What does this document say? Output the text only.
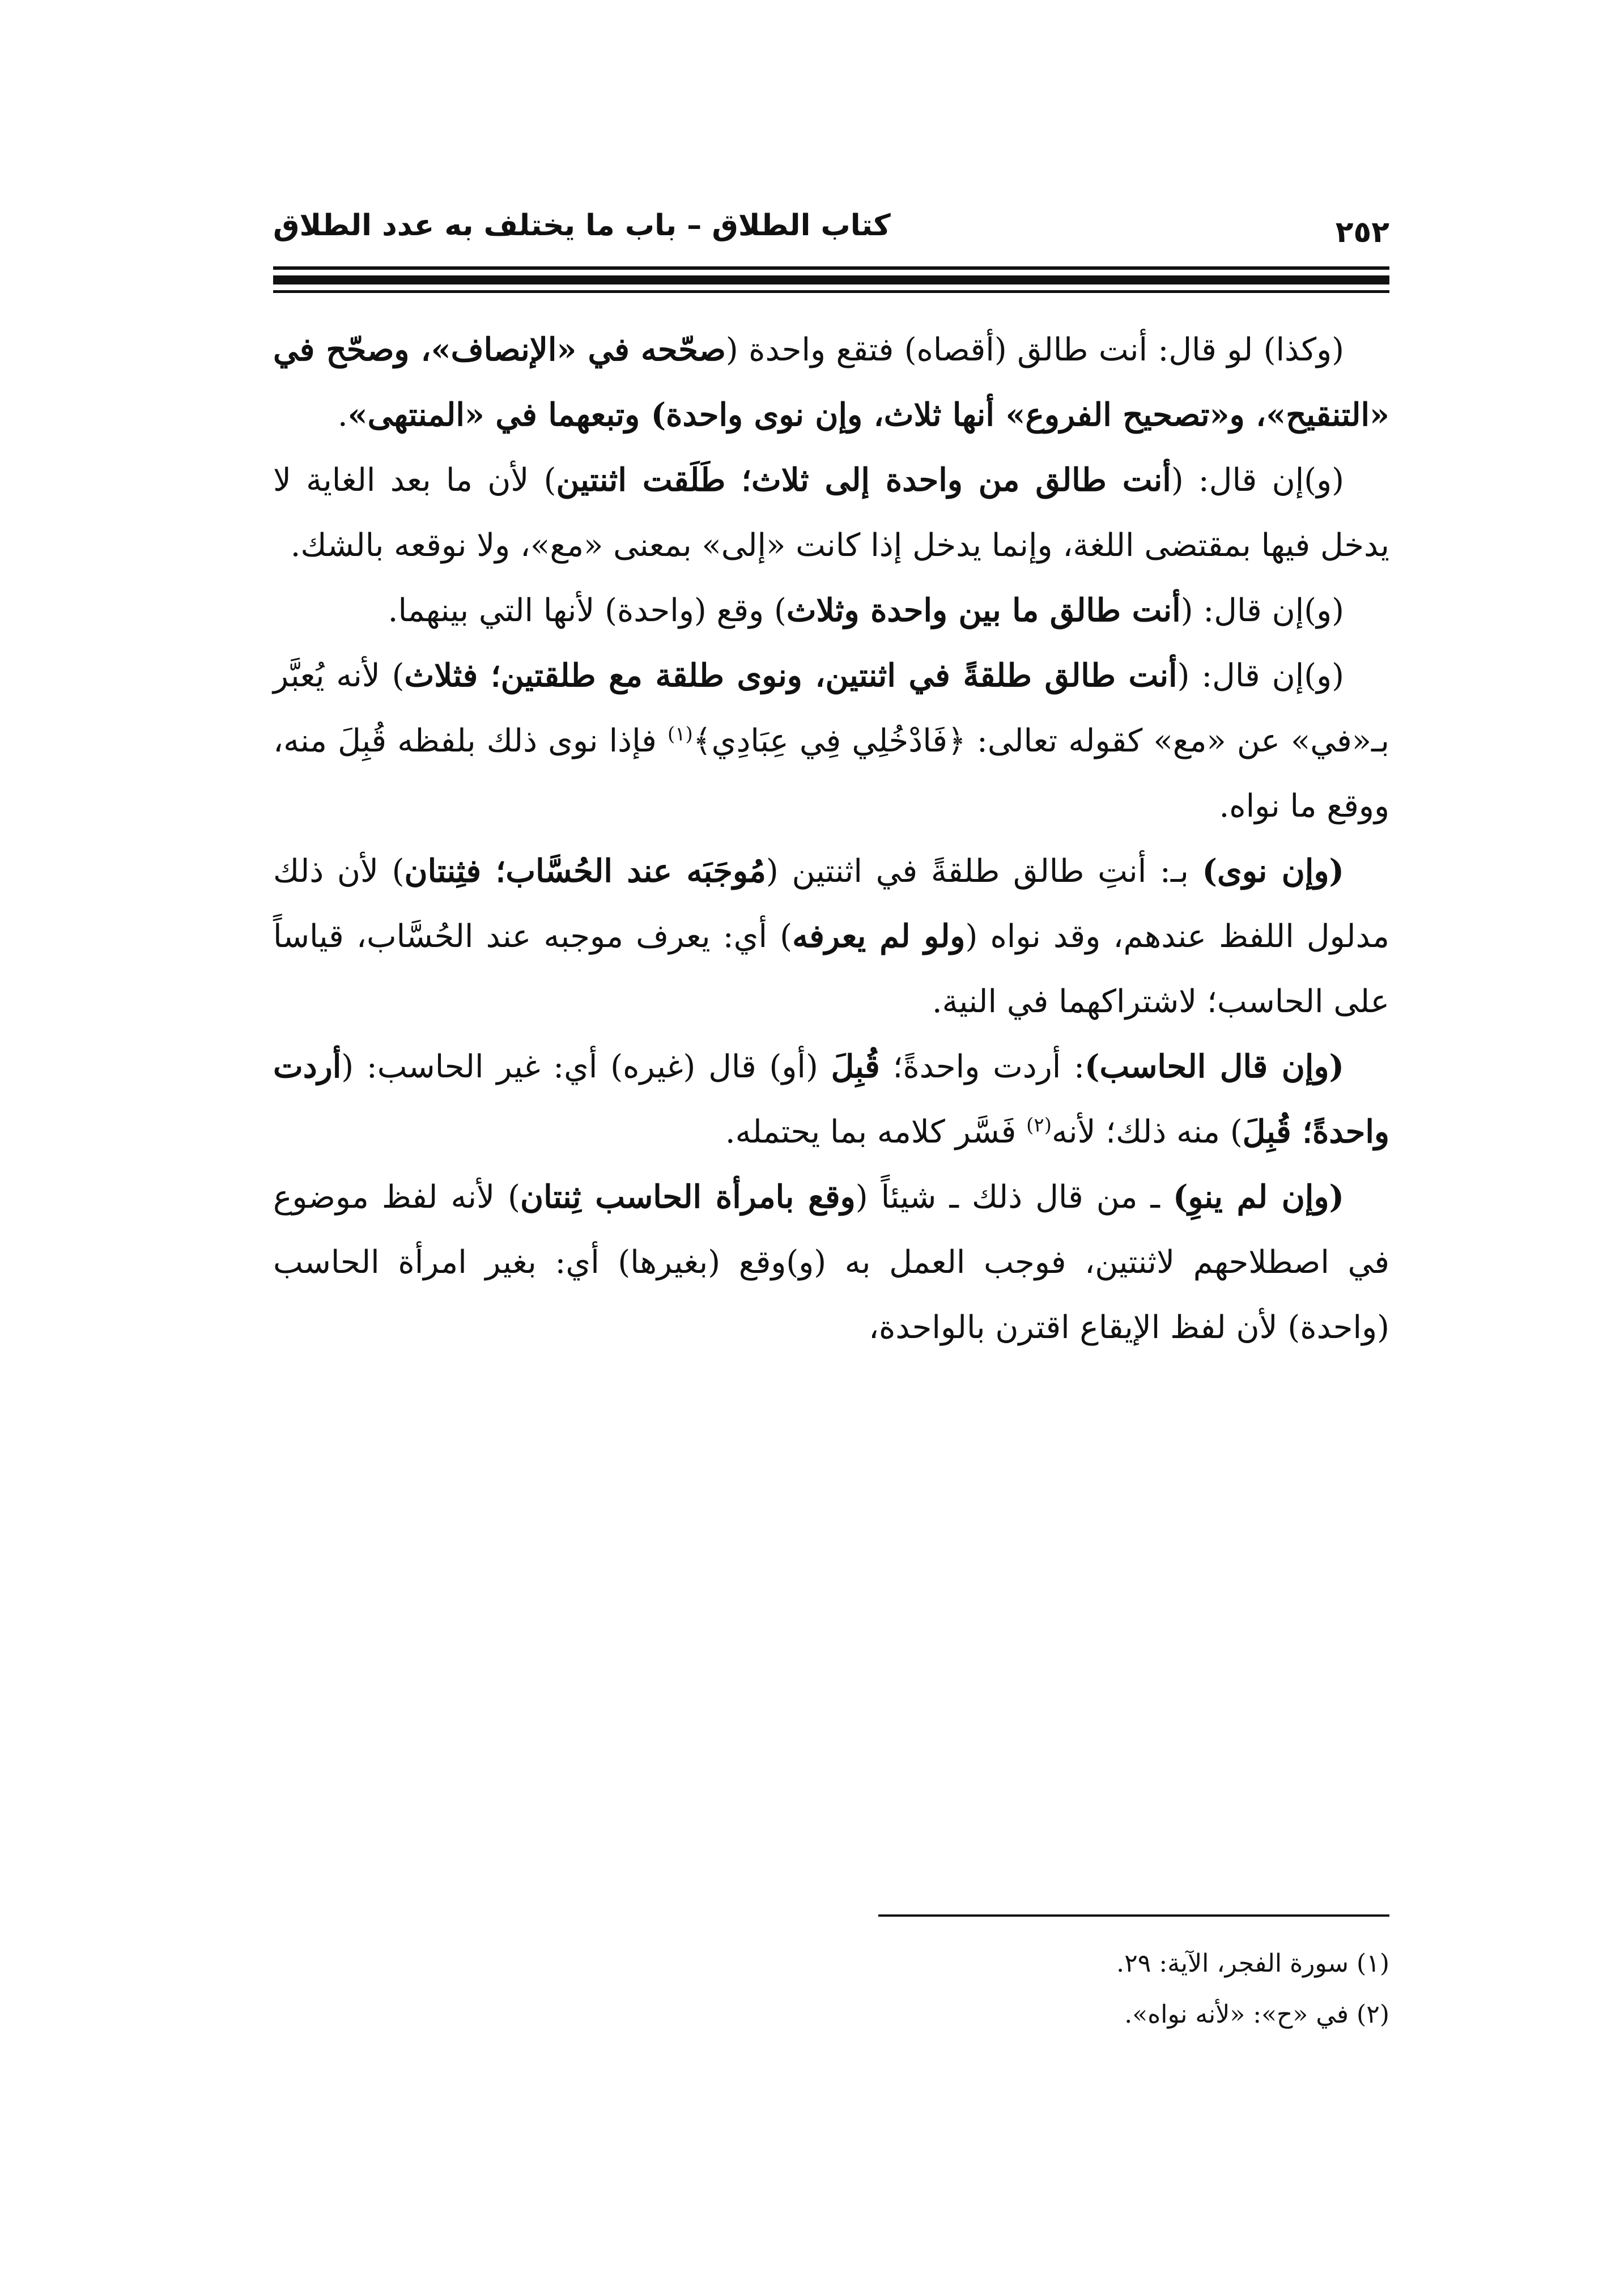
٢٥٢
كتاب الطلاق – باب ما يختلف به عدد الطلاق

(وكذا) لو قال: أنت طالق (أقصاه) فتقع واحدة (صحّحه في «الإنصاف»، وصحّح في «التنقيح»، و«تصحيح الفروع» أنها ثلاث، وإن نوى واحدة) وتبعهما في «المنتهى».

(و)إن قال: (أنت طالق من واحدة إلى ثلاث؛ طَلَقت اثنتين) لأن ما بعد الغاية لا يدخل فيها بمقتضى اللغة، وإنما يدخل إذا كانت «إلى» بمعنى «مع»، ولا نوقعه بالشك.

(و)إن قال: (أنت طالق ما بين واحدة وثلاث) وقع (واحدة) لأنها التي بينهما.

(و)إن قال: (أنت طالق طلقةً في اثنتين، ونوى طلقة مع طلقتين؛ فثلاث) لأنه يُعبَّر بـ«في» عن «مع» كقوله تعالى: ﴿فَادْخُلِي فِي عِبَادِي﴾$^{(١)}$ فإذا نوى ذلك بلفظه قُبِلَ منه، ووقع ما نواه.

(وإن نوى) بـ: أنتِ طالق طلقةً في اثنتين (مُوجَبَه عند الحُسَّاب؛ فثِنتان) لأن ذلك مدلول اللفظ عندهم، وقد نواه (ولو لم يعرفه) أي: يعرف موجبه عند الحُسَّاب، قياساً على الحاسب؛ لاشتراكهما في النية.

(وإن قال الحاسب): أردت واحدةً؛ قُبِلَ (أو) قال (غيره) أي: غير الحاسب: (أردت واحدةً؛ قُبِلَ) منه ذلك؛ لأنه$^{(٢)}$ فَسَّر كلامه بما يحتمله.

(وإن لم ينوِ) ـ من قال ذلك ـ شيئاً (وقع بامرأة الحاسب ثِنتان) لأنه لفظ موضوع في اصطلاحهم لاثنتين، فوجب العمل به (و)وقع (بغيرها) أي: بغير امرأة الحاسب (واحدة) لأن لفظ الإيقاع اقترن بالواحدة،

(١) سورة الفجر، الآية: ٢٩.
(٢) في «ح»: «لأنه نواه».
